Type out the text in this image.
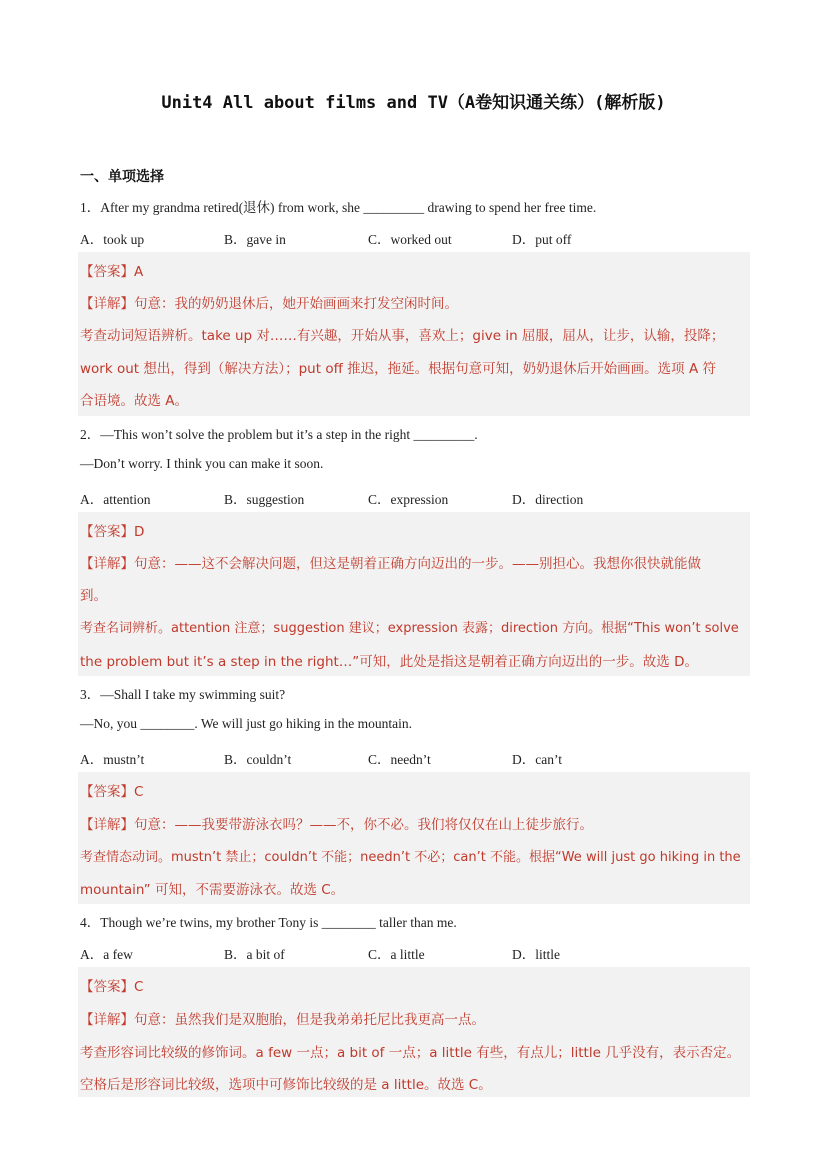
Unit4 All about films and TV（A卷知识通关练）(解析版)
一、单项选择
1．After my grandma retired(退休) from work, she _________ drawing to spend her free time.
A．took up	B．gave in	C．worked out	D．put off
【答案】A
【详解】句意：我的奶奶退休后，她开始画画来打发空闲时间。
考查动词短语辨析。take up 对……有兴趣，开始从事，喜欢上；give in 屈服，屈从，让步，认输，投降；
work out 想出，得到（解决方法）；put off 推迟，拖延。根据句意可知，奶奶退休后开始画画。选项 A 符
合语境。故选 A。
2．—This won’t solve the problem but it’s a step in the right _________.
—Don’t worry. I think you can make it soon.
A．attention	B．suggestion	C．expression	D．direction
【答案】D
【详解】句意：——这不会解决问题，但这是朝着正确方向迈出的一步。——别担心。我想你很快就能做
到。
考查名词辨析。attention 注意；suggestion 建议；expression 表露；direction 方向。根据“This won’t solve
the problem but it’s a step in the right…”可知，此处是指这是朝着正确方向迈出的一步。故选 D。
3．—Shall I take my swimming suit?
—No, you ________. We will just go hiking in the mountain.
A．mustn’t	B．couldn’t	C．needn’t	D．can’t
【答案】C
【详解】句意：——我要带游泳衣吗？——不，你不必。我们将仅仅在山上徒步旅行。
考查情态动词。mustn’t 禁止；couldn’t 不能；needn’t 不必；can’t 不能。根据“We will just go hiking in the
mountain” 可知，不需要游泳衣。故选 C。
4．Though we’re twins, my brother Tony is ________ taller than me.
A．a few	B．a bit of	C．a little	D．little
【答案】C
【详解】句意：虽然我们是双胞胎，但是我弟弟托尼比我更高一点。
考查形容词比较级的修饰词。a few 一点；a bit of 一点；a little 有些，有点儿；little 几乎没有，表示否定。
空格后是形容词比较级，选项中可修饰比较级的是 a little。故选 C。
